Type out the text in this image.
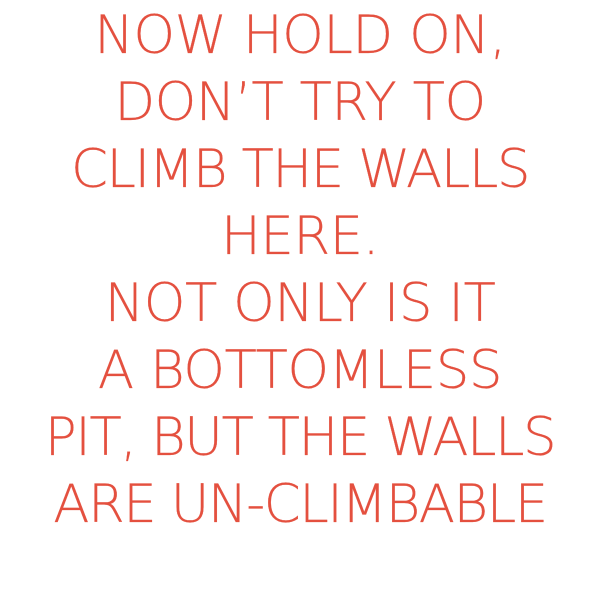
NOW HOLD ON,
DON’T TRY TO
CLIMB THE WALLS
HERE.
NOT ONLY IS IT
A BOTTOMLESS
PIT, BUT THE WALLS
ARE UN-CLIMBABLE
